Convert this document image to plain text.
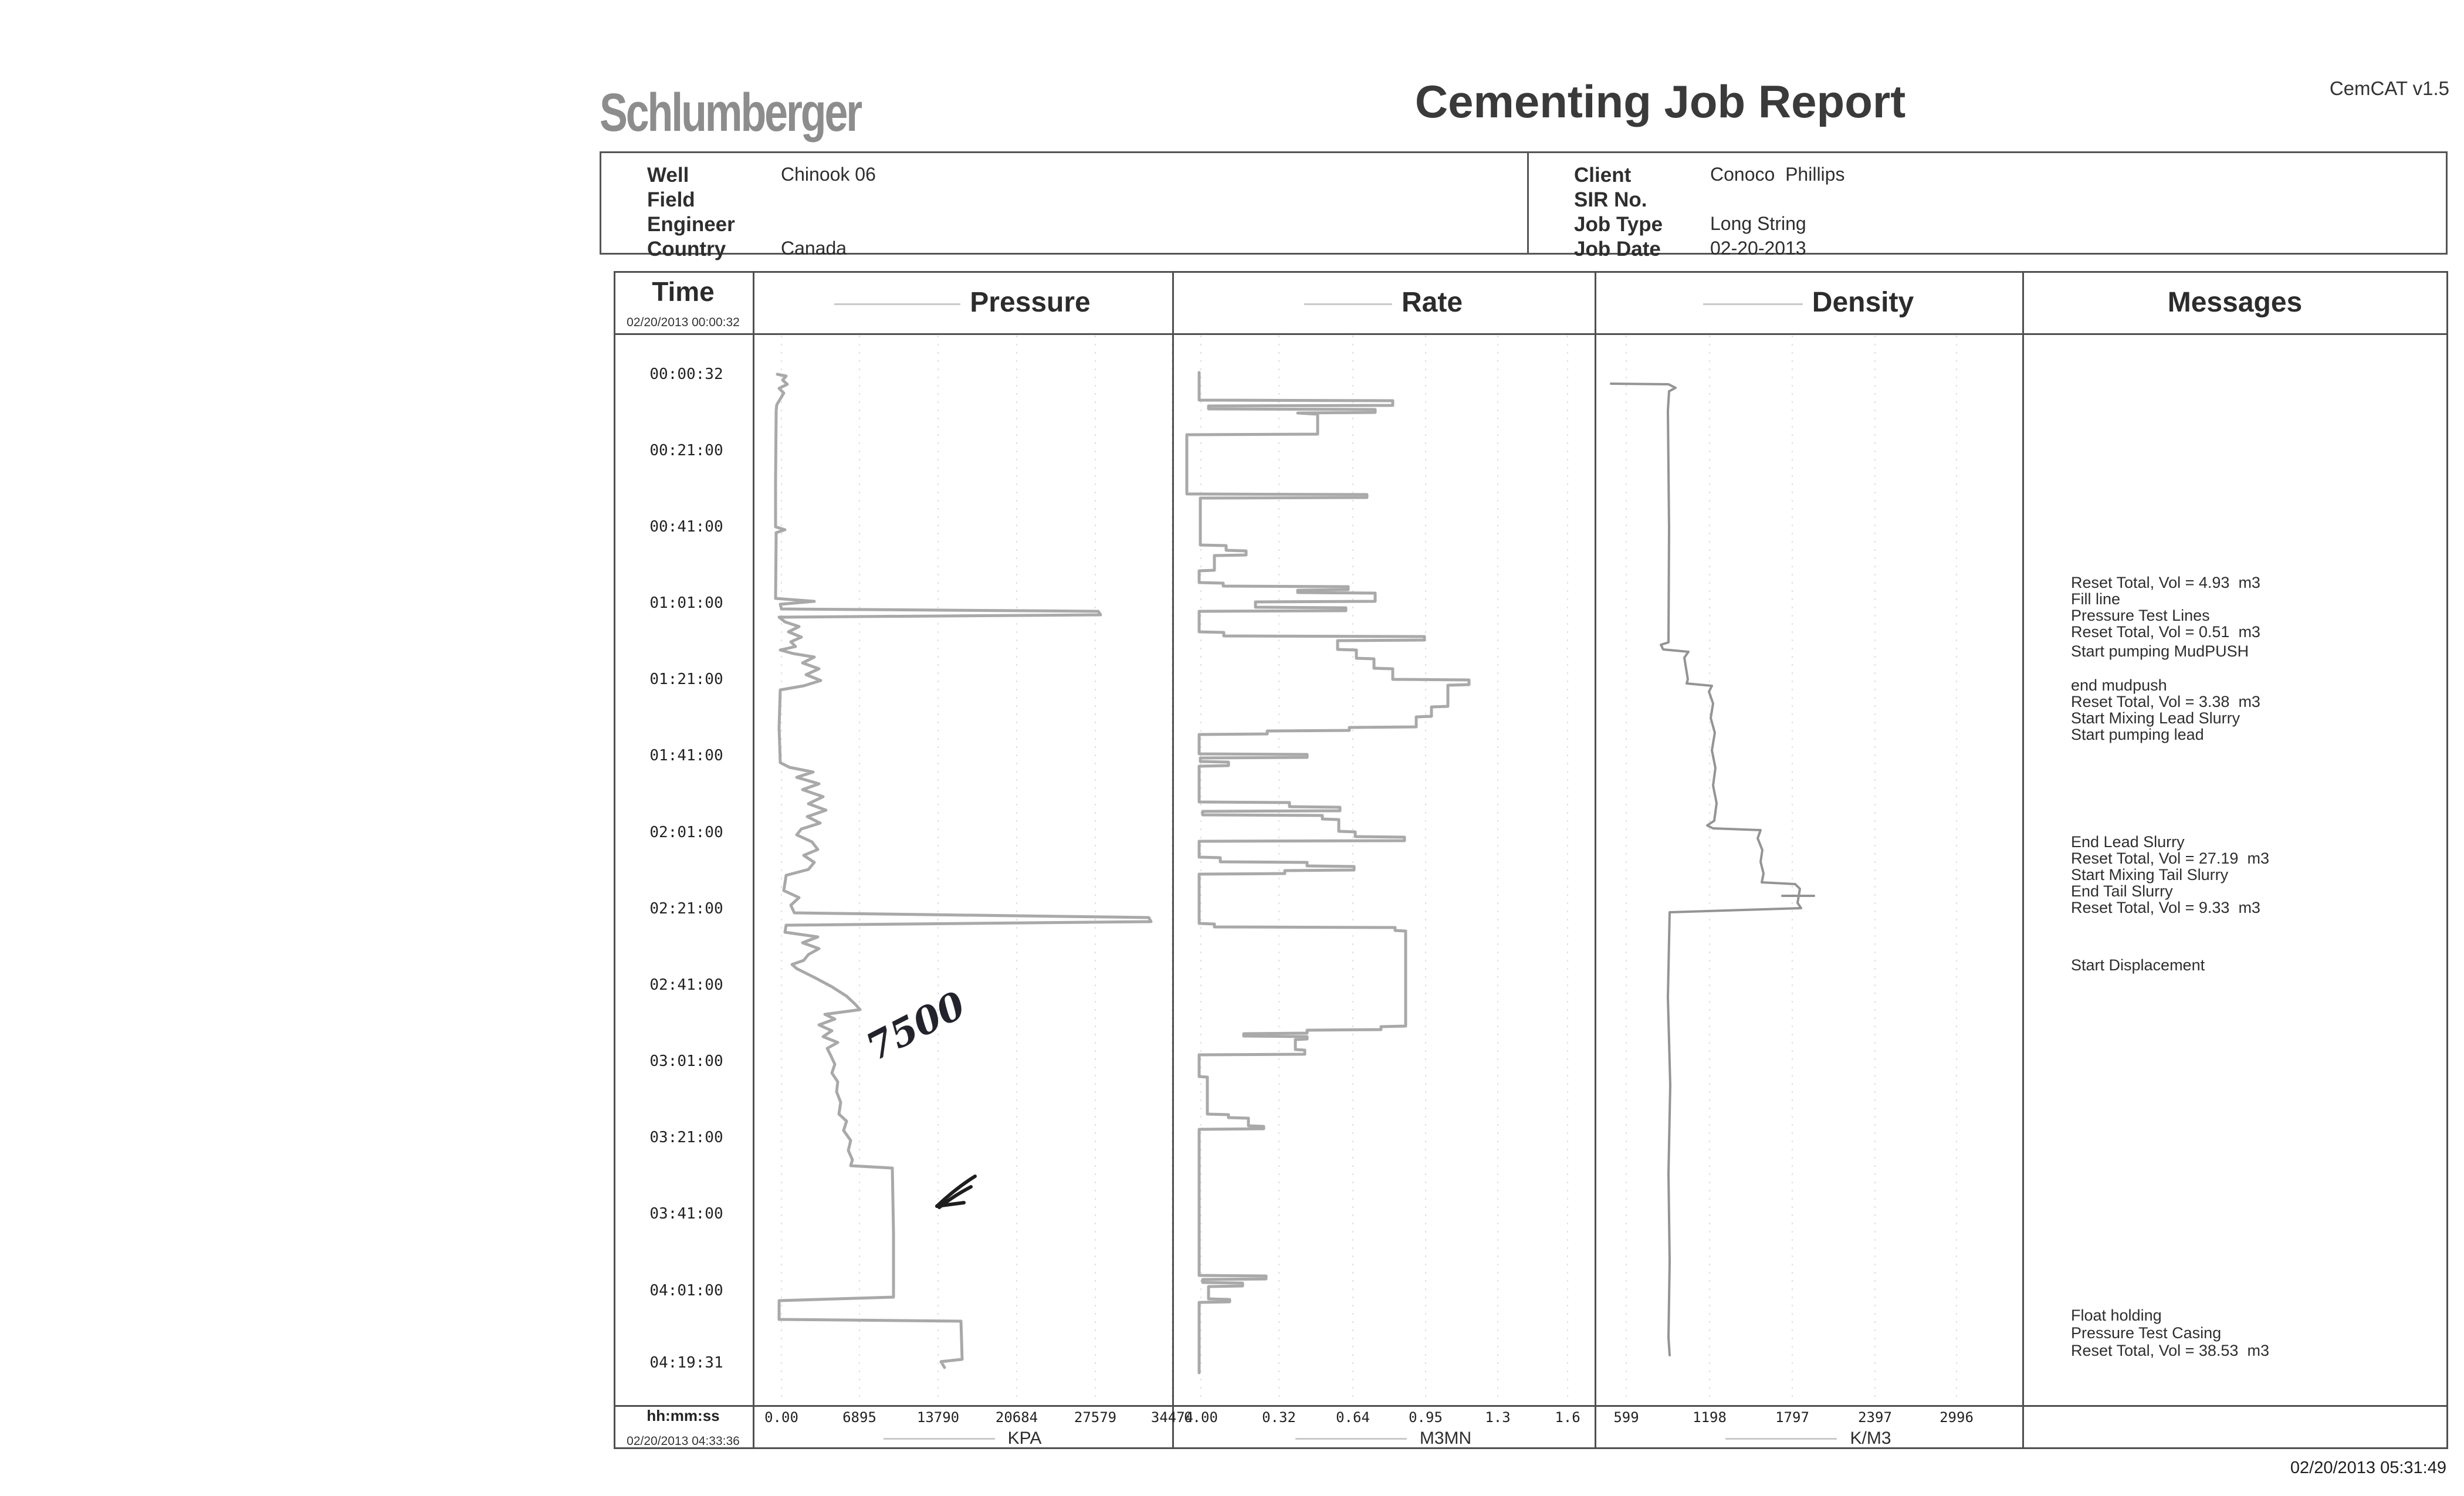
Schlumberger	Cementing Job Report	CemCAT v1.5
Well	Chinook 06
Field
Engineer
Country	Canada
Client	Conoco  Phillips
SIR No.
Job Type	Long String
Job Date	02-20-2013
Time
02/20/2013 00:00:32
Pressure	Rate	Density	Messages
00:00:32
00:21:00
00:41:00
01:01:00
01:21:00
01:41:00
02:01:00
02:21:00
02:41:00
03:01:00
03:21:00
03:41:00
04:01:00
04:19:31
0.00	6895	13790	20684	27579	34474
0.00	0.32	0.64	0.95	1.3	1.6	599	1198	1797	2397	2996
KPA	M3MN	K/M3
hh:mm:ss
02/20/2013 04:33:36
Reset Total, Vol = 4.93  m3
Fill line
Pressure Test Lines
Reset Total, Vol = 0.51  m3
Start pumping MudPUSH
end mudpush
Reset Total, Vol = 3.38  m3
Start Mixing Lead Slurry
Start pumping lead
End Lead Slurry
Reset Total, Vol = 27.19  m3
Start Mixing Tail Slurry
End Tail Slurry
Reset Total, Vol = 9.33  m3
Start Displacement
Float holding
Pressure Test Casing
Reset Total, Vol = 38.53  m3
7500
02/20/2013 05:31:49
